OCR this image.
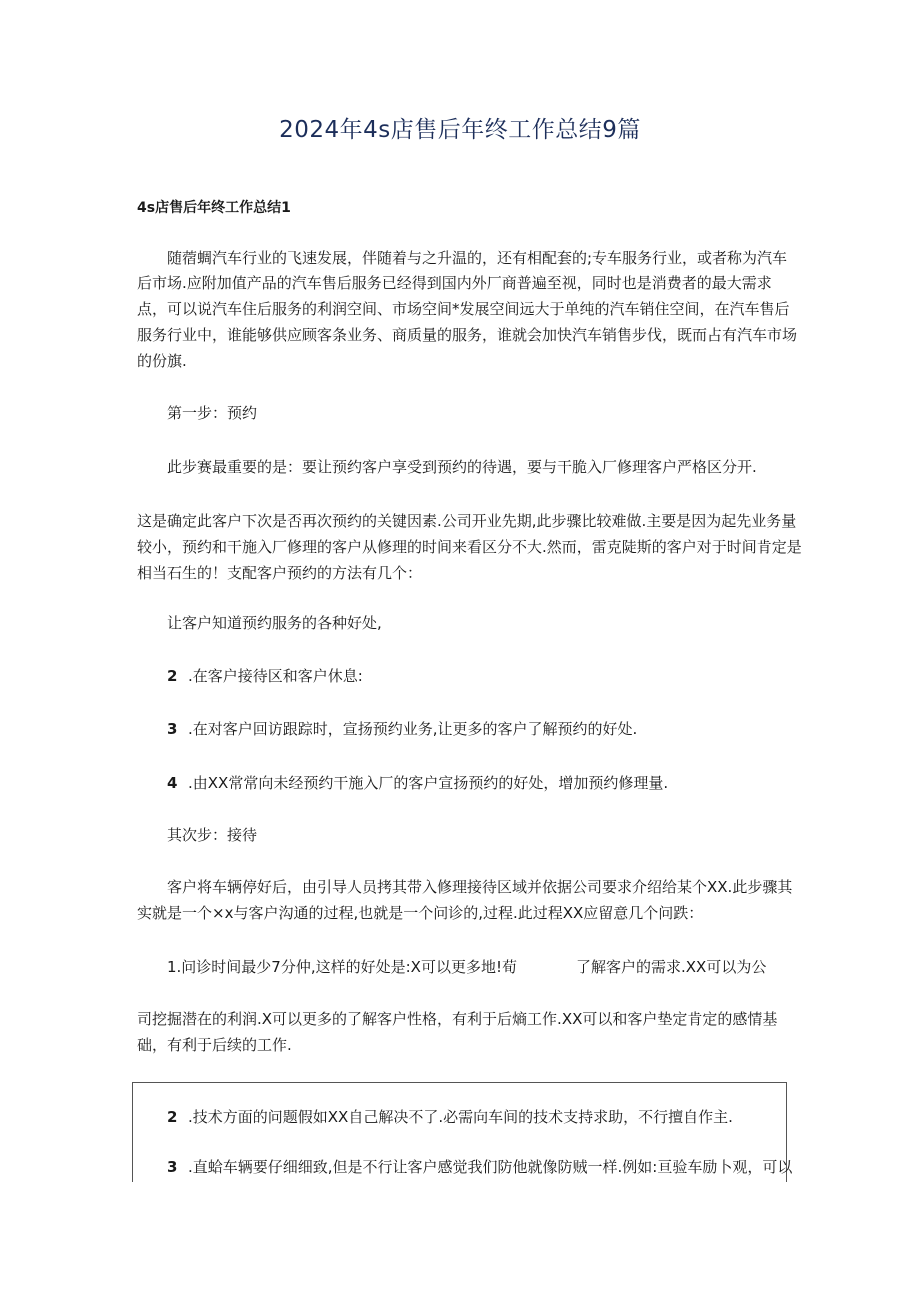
2024年4s店售后年终工作总结9篇
4s店售后年终工作总结1
随蓿蜩汽车行业的飞速发展，伴随着与之升温的，还有相配套的;专车服务行业，或者称为汽车
后市场.应附加值产品的汽车售后服务已经得到国内外厂商普遍至视，同时也是消费者的最大需求
点，可以说汽车住后服务的利润空间、市场空间*发展空间远大于单纯的汽车销住空间，在汽车售后
服务行业中，谁能够供应顾客条业务、商质量的服务，谁就会加快汽车销售步伐，既而占有汽车市场
的份旗.
第一步：预约
此步赛最重要的是：要让预约客户享受到预约的待遇，要与干脆入厂修理客户严格区分开.
这是确定此客户下次是否再次预约的关键因素.公司开业先期,此步骤比较难做.主要是因为起先业务量
较小，预约和干施入厂修理的客户从修理的时间来看区分不大.然而，雷克陡斯的客户对于时间肯定是
相当石生的！支配客户预约的方法有几个：
让客户知道预约服务的各种好处,
2 .在客户接待区和客户休息:
3 .在对客户回访跟踪时，宣扬预约业务,让更多的客户了解预约的好处.
4 .由XX常常向未经预约干施入厂的客户宣扬预约的好处，增加预约修理量.
其次步：接待
客户将车辆停好后，由引导人员拷其带入修理接待区域并依据公司要求介绍给某个XX.此步骤其
实就是一个×x与客户沟通的过程,也就是一个问诊的,过程.此过程XX应留意几个问跌：
1.问诊时间最少7分仲,这样的好处是:X可以更多地!荀	了解客户的需求.XX可以为公
司挖掘潜在的利润.X可以更多的了解客户性格，有利于后熵工作.XX可以和客户垫定肯定的感情基
础，有利于后续的工作.
2 .技术方面的问题假如XX自己解决不了.必需向车间的技术支持求助，不行擅自作主.
3 .直蛤车辆要仔细细致,但是不行让客户感觉我们防他就像防贼一样.例如:亘验车励卜观，可以
